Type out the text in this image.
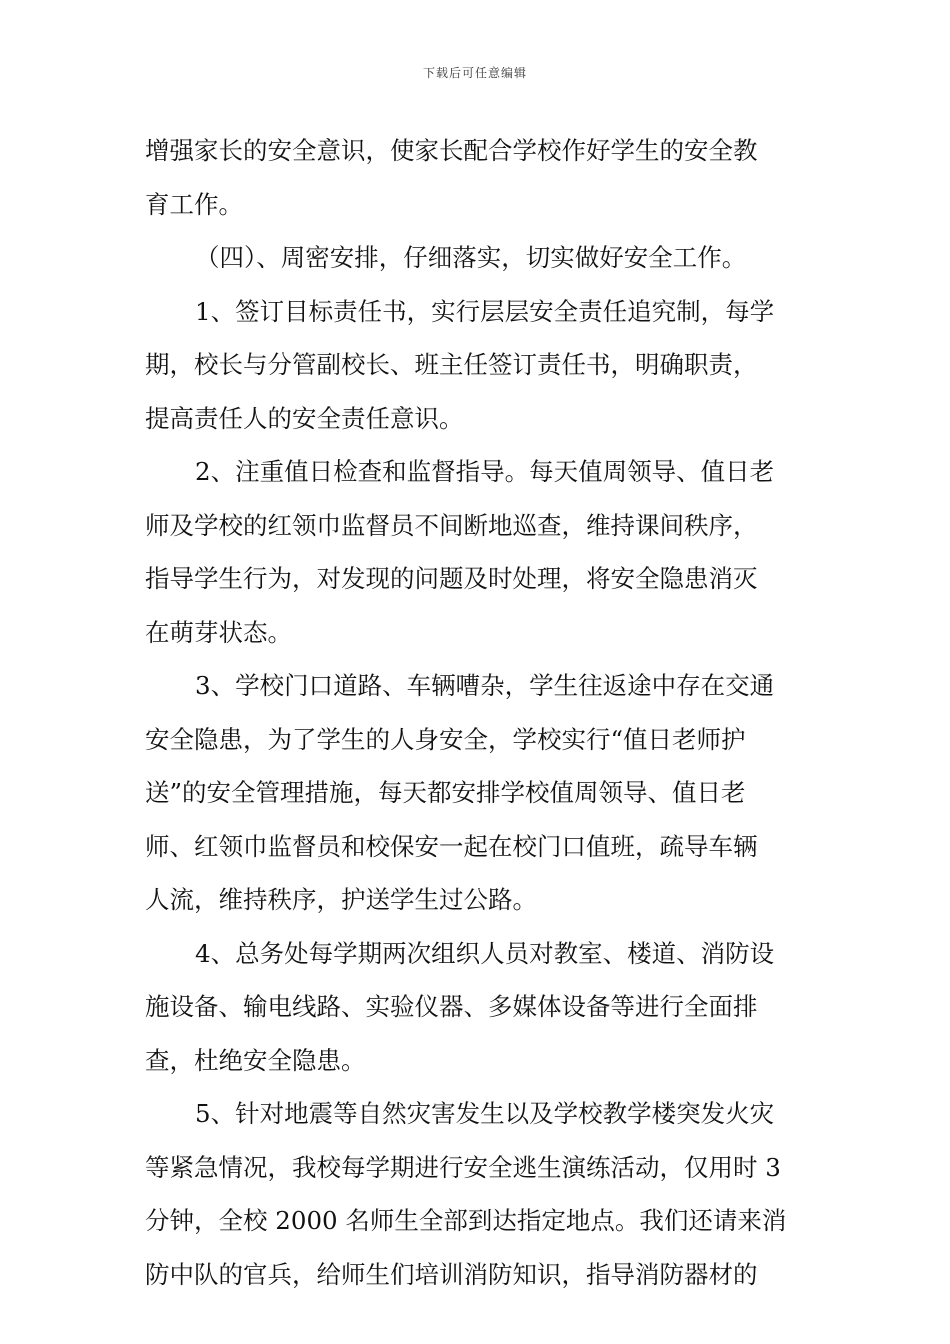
下载后可任意编辑
增强家长的安全意识，使家长配合学校作好学生的安全教
育工作。
（四）、周密安排，仔细落实，切实做好安全工作。
1、签订目标责任书，实行层层安全责任追究制，每学
期，校长与分管副校长、班主任签订责任书，明确职责，
提高责任人的安全责任意识。
2、注重值日检查和监督指导。每天值周领导、值日老
师及学校的红领巾监督员不间断地巡查，维持课间秩序，
指导学生行为，对发现的问题及时处理，将安全隐患消灭
在萌芽状态。
3、学校门口道路、车辆嘈杂，学生往返途中存在交通
安全隐患，为了学生的人身安全，学校实行“值日老师护
送”的安全管理措施，每天都安排学校值周领导、值日老
师、红领巾监督员和校保安一起在校门口值班，疏导车辆
人流，维持秩序，护送学生过公路。
4、总务处每学期两次组织人员对教室、楼道、消防设
施设备、输电线路、实验仪器、多媒体设备等进行全面排
查，杜绝安全隐患。
5、针对地震等自然灾害发生以及学校教学楼突发火灾
等紧急情况，我校每学期进行安全逃生演练活动，仅用时 3
分钟，全校 2000 名师生全部到达指定地点。我们还请来消
防中队的官兵，给师生们培训消防知识，指导消防器材的
